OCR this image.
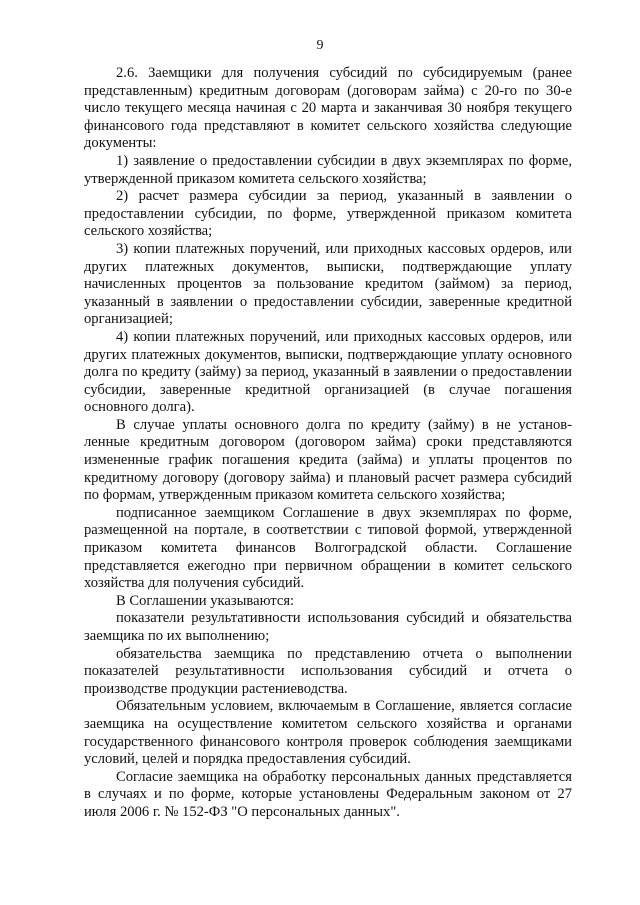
9

2.6. Заемщики для получения субсидий по субсидируемым (ранее представленным) кредитным договорам (договорам займа) с 20-го по 30-е число текущего месяца начиная с 20 марта и заканчивая 30 ноября текущего финансового года представляют в комитет сельского хозяйства следующие документы:

1) заявление о предоставлении субсидии в двух экземплярах по форме, утвержденной приказом комитета сельского хозяйства;

2) расчет размера субсидии за период, указанный в заявлении о предоставлении субсидии, по форме, утвержденной приказом комитета сельского хозяйства;

3) копии платежных поручений, или приходных кассовых ордеров, или других платежных документов, выписки, подтверждающие уплату начисленных процентов за пользование кредитом (займом) за период, указанный в заявлении о предоставлении субсидии, заверенные кредитной организацией;

4) копии платежных поручений, или приходных кассовых ордеров, или других платежных документов, выписки, подтверждающие уплату основного долга по кредиту (займу) за период, указанный в заявлении о предоставлении субсидии, заверенные кредитной организацией (в случае погашения основного долга).

В случае уплаты основного долга по кредиту (займу) в не установ-ленные кредитным договором (договором займа) сроки представляются измененные график погашения кредита (займа) и уплаты процентов по кредитному договору (договору займа) и плановый расчет размера субсидий по формам, утвержденным приказом комитета сельского хозяйства;

подписанное заемщиком Соглашение в двух экземплярах по форме, размещенной на портале, в соответствии с типовой формой, утвержденной приказом комитета финансов Волгоградской области. Соглашение представляется ежегодно при первичном обращении в комитет сельского хозяйства для получения субсидий.

В Соглашении указываются:

показатели результативности использования субсидий и обязательства заемщика по их выполнению;

обязательства заемщика по представлению отчета о выполнении показателей результативности использования субсидий и отчета о производстве продукции растениеводства.

Обязательным условием, включаемым в Соглашение, является согласие заемщика на осуществление комитетом сельского хозяйства и органами государственного финансового контроля проверок соблюдения заемщиками условий, целей и порядка предоставления субсидий.

Согласие заемщика на обработку персональных данных представляется в случаях и по форме, которые установлены Федеральным законом от 27 июля 2006 г. № 152-ФЗ "О персональных данных".
